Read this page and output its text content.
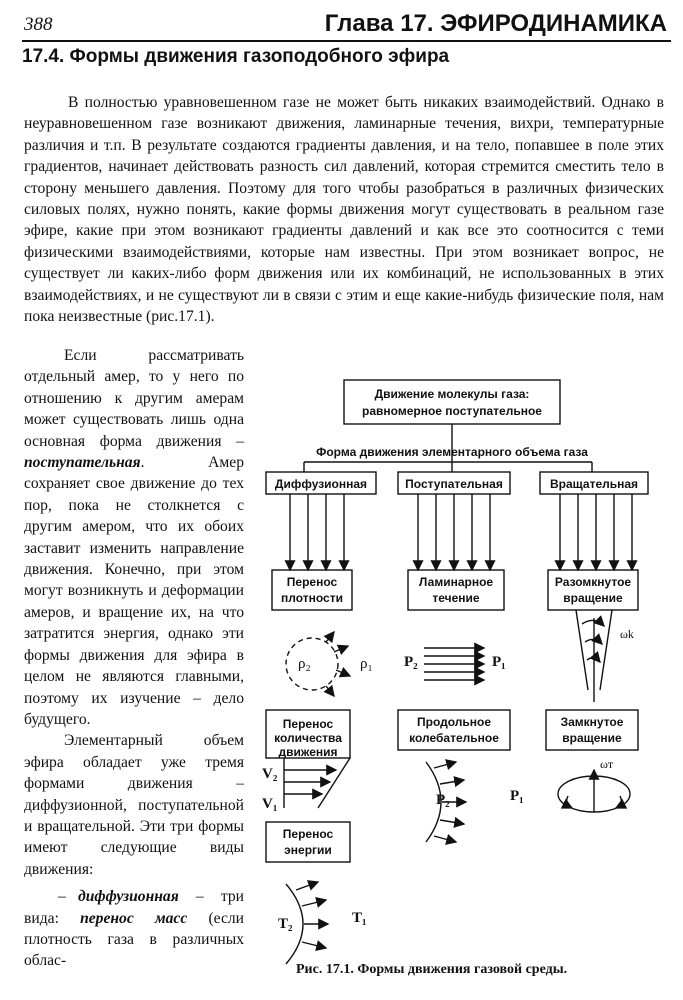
388	Глава 17. ЭФИРОДИНАМИКА
17.4. Формы движения газоподобного эфира

В полностью уравновешенном газе не может быть никаких взаимодействий. Однако в неуравновешенном газе возникают движения, ламинарные течения, вихри, температурные различия и т.п. В результате создаются градиенты давления, и на тело, попавшее в поле этих градиентов, начинает действовать разность сил давлений, которая стремится сместить тело в сторону меньшего давления. Поэтому для того чтобы разобраться в различных физических силовых полях, нужно понять, какие формы движения могут существовать в реальном газе эфире, какие при этом возникают градиенты давлений и как все это соотносится с теми физическими взаимодействиями, которые нам известны. При этом возникает вопрос, не существует ли каких-либо форм движения или их комбинаций, не использованных в этих взаимодействиях, и не существуют ли в связи с этим и еще какие-нибудь физические поля, нам пока неизвестные (рис.17.1).

Если рассматривать отдельный амер, то у него по отношению к другим амерам может существовать лишь одна основная форма движения – поступательная. Амер сохраняет свое движение до тех пор, пока не столкнется с другим амером, что их обоих заставит изменить направление движения. Конечно, при этом могут возникнуть и деформации амеров, и вращение их, на что затратится энергия, однако эти формы движения для эфира в целом не являются главными, поэтому их изучение – дело будущего.

Элементарный объем эфира обладает уже тремя формами движения – диффузионной, поступательной и вращательной. Эти три формы имеют следующие виды движения:

– диффузионная – три вида: перенос масс (если плотность газа в различных облас-
Движение молекулы газа:
равномерное поступательное
Форма движения элементарного объема газа
Диффузионная	Поступательная	Вращательная
Перенос
плотности
Ламинарное
течение
Разомкнутое
вращение
Перенос
количества
движения
Продольное
колебательное
Замкнутое
вращение
Перенос
энергии
ρ₂	ρ₁ P₂	P₁
ωk
V₂
V₁	P₂	P₁
ωт
T₂	T₁
Рис. 17.1. Формы движения газовой среды.
